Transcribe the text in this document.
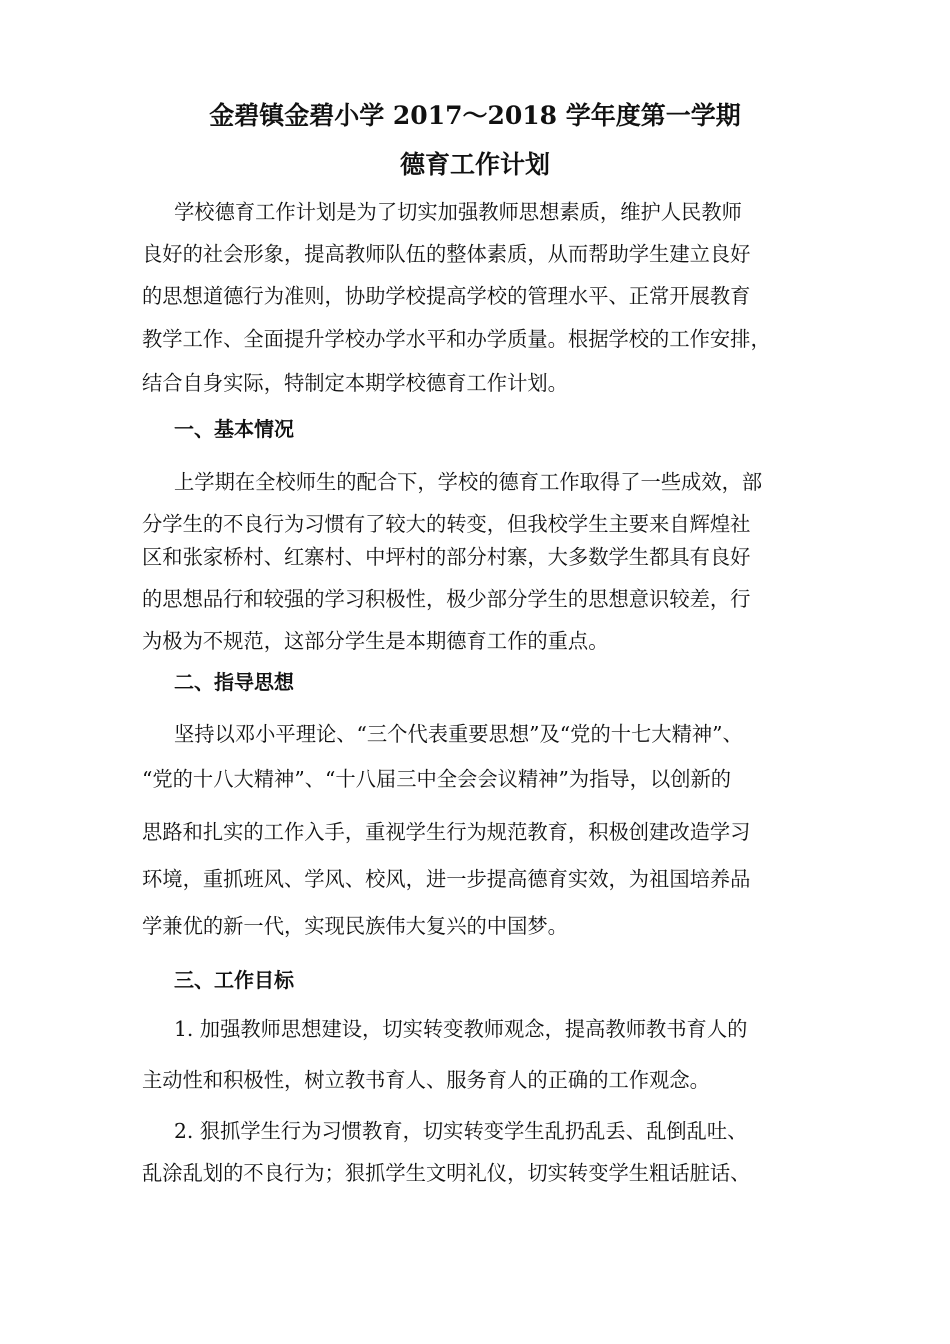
金碧镇金碧小学 2017～2018 学年度第一学期
德育工作计划
学校德育工作计划是为了切实加强教师思想素质，维护人民教师
良好的社会形象，提高教师队伍的整体素质，从而帮助学生建立良好
的思想道德行为准则，协助学校提高学校的管理水平、正常开展教育
教学工作、全面提升学校办学水平和办学质量。根据学校的工作安排，
结合自身实际，特制定本期学校德育工作计划。
一、基本情况
上学期在全校师生的配合下，学校的德育工作取得了一些成效，部
分学生的不良行为习惯有了较大的转变，但我校学生主要来自辉煌社
区和张家桥村、红寨村、中坪村的部分村寨，大多数学生都具有良好
的思想品行和较强的学习积极性，极少部分学生的思想意识较差，行
为极为不规范，这部分学生是本期德育工作的重点。
二、指导思想
坚持以邓小平理论、“三个代表重要思想”及“党的十七大精神”、
“党的十八大精神”、“十八届三中全会会议精神”为指导，以创新的
思路和扎实的工作入手，重视学生行为规范教育，积极创建改造学习
环境，重抓班风、学风、校风，进一步提高德育实效，为祖国培养品
学兼优的新一代，实现民族伟大复兴的中国梦。
三、工作目标
1. 加强教师思想建设，切实转变教师观念，提高教师教书育人的
主动性和积极性，树立教书育人、服务育人的正确的工作观念。
2. 狠抓学生行为习惯教育，切实转变学生乱扔乱丢、乱倒乱吐、
乱涂乱划的不良行为；狠抓学生文明礼仪，切实转变学生粗话脏话、
